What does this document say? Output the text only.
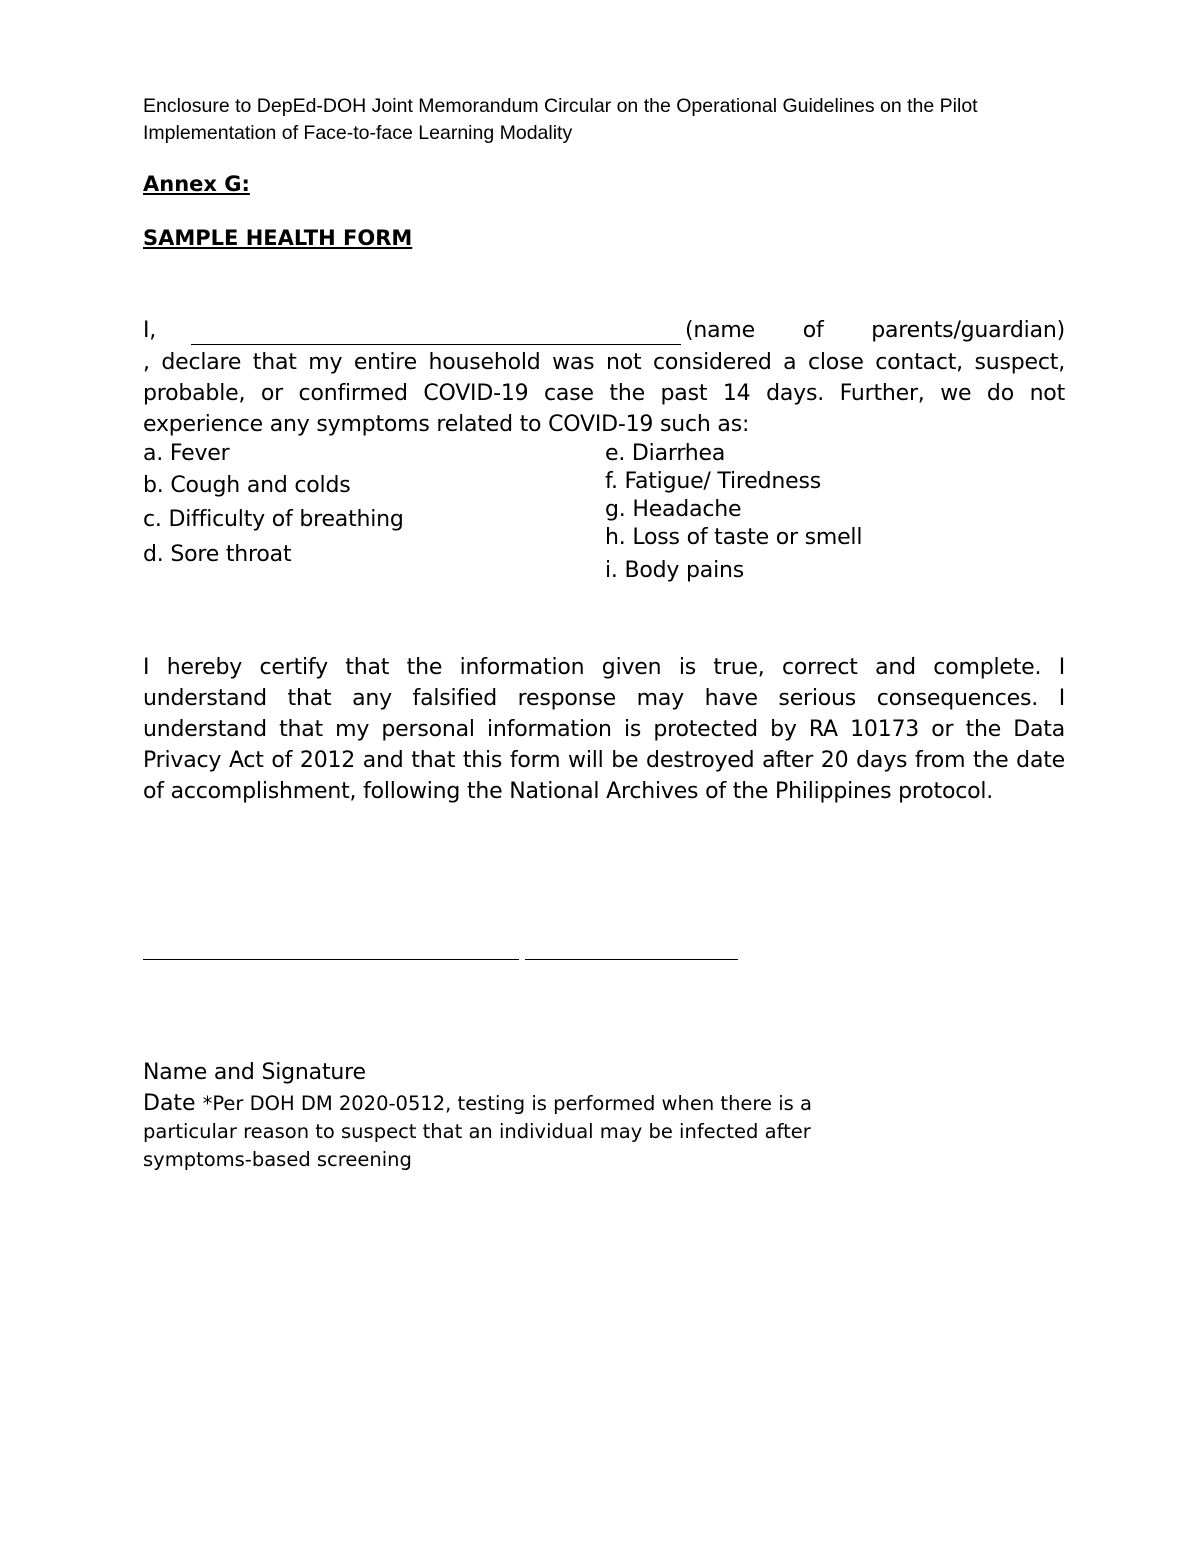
Enclosure to DepEd-DOH Joint Memorandum Circular on the Operational Guidelines on the Pilot
Implementation of Face-to-face Learning Modality
Annex G:
SAMPLE HEALTH FORM
I,	(name of parents/guardian)
, declare that my entire household was not considered a close contact, suspect, probable, or confirmed COVID-19 case the past 14 days. Further, we do not experience any symptoms related to COVID-19 such as:
a. Fever
b. Cough and colds
c. Difficulty of breathing
d. Sore throat
e. Diarrhea
f. Fatigue/ Tiredness
g. Headache
h. Loss of taste or smell
i. Body pains
I hereby certify that the information given is true, correct and complete. I understand that any falsified response may have serious consequences. I understand that my personal information is protected by RA 10173 or the Data Privacy Act of 2012 and that this form will be destroyed after 20 days from the date of accomplishment, following the National Archives of the Philippines protocol.
Name and Signature
Date *Per DOH DM 2020-0512, testing is performed when there is a particular reason to suspect that an individual may be infected after symptoms-based screening
